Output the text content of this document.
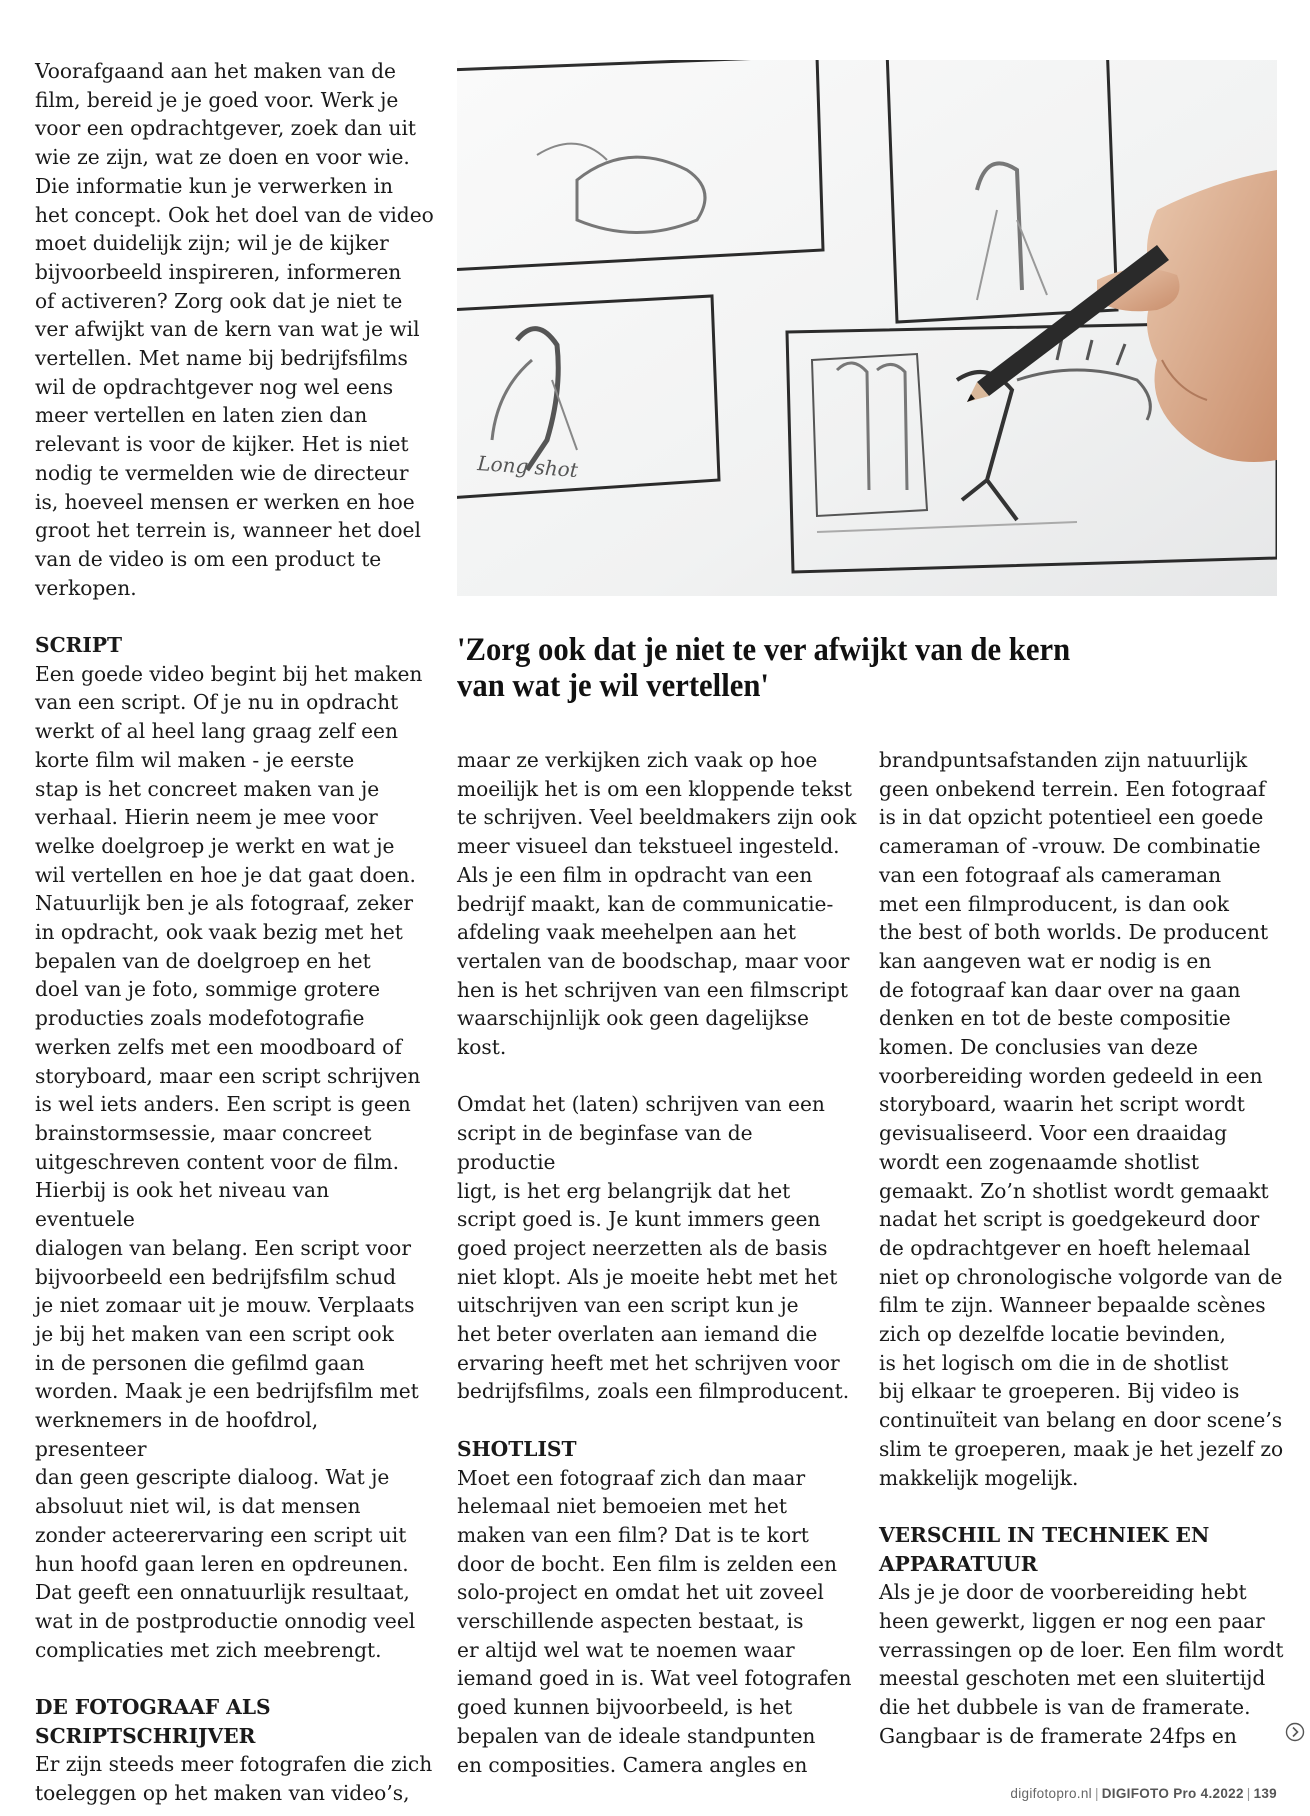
Voorafgaand aan het maken van de
film, bereid je je goed voor. Werk je
voor een opdrachtgever, zoek dan uit
wie ze zijn, wat ze doen en voor wie.
Die informatie kun je verwerken in
het concept. Ook het doel van de video
moet duidelijk zijn; wil je de kijker
bijvoorbeeld inspireren, informeren
of activeren? Zorg ook dat je niet te
ver afwijkt van de kern van wat je wil
vertellen. Met name bij bedrijfsfilms
wil de opdrachtgever nog wel eens
meer vertellen en laten zien dan
relevant is voor de kijker. Het is niet
nodig te vermelden wie de directeur
is, hoeveel mensen er werken en hoe
groot het terrein is, wanneer het doel
van de video is om een product te
verkopen.

SCRIPT

Een goede video begint bij het maken
van een script. Of je nu in opdracht
werkt of al heel lang graag zelf een
korte film wil maken - je eerste
stap is het concreet maken van je
verhaal. Hierin neem je mee voor
welke doelgroep je werkt en wat je
wil vertellen en hoe je dat gaat doen.
Natuurlijk ben je als fotograaf, zeker
in opdracht, ook vaak bezig met het
bepalen van de doelgroep en het
doel van je foto, sommige grotere
producties zoals modefotografie
werken zelfs met een moodboard of
storyboard, maar een script schrijven
is wel iets anders. Een script is geen
brainstormsessie, maar concreet
uitgeschreven content voor de film.
Hierbij is ook het niveau van eventuele
dialogen van belang. Een script voor
bijvoorbeeld een bedrijfsfilm schud
je niet zomaar uit je mouw. Verplaats
je bij het maken van een script ook
in de personen die gefilmd gaan
worden. Maak je een bedrijfsfilm met
werknemers in de hoofdrol, presenteer
dan geen gescripte dialoog. Wat je
absoluut niet wil, is dat mensen
zonder acteerervaring een script uit
hun hoofd gaan leren en opdreunen.
Dat geeft een onnatuurlijk resultaat,
wat in de postproductie onnodig veel
complicaties met zich meebrengt.

DE FOTOGRAAF ALS
SCRIPTSCHRIJVER

Er zijn steeds meer fotografen die zich
toeleggen op het maken van video’s,

Long shot
'Zorg ook dat je niet te ver afwijkt van de kern
van wat je wil vertellen'

maar ze verkijken zich vaak op hoe
moeilijk het is om een kloppende tekst
te schrijven. Veel beeldmakers zijn ook
meer visueel dan tekstueel ingesteld.
Als je een film in opdracht van een
bedrijf maakt, kan de communicatie-
afdeling vaak meehelpen aan het
vertalen van de boodschap, maar voor
hen is het schrijven van een filmscript
waarschijnlijk ook geen dagelijkse
kost.

Omdat het (laten) schrijven van een
script in de beginfase van de productie
ligt, is het erg belangrijk dat het
script goed is. Je kunt immers geen
goed project neerzetten als de basis
niet klopt. Als je moeite hebt met het
uitschrijven van een script kun je
het beter overlaten aan iemand die
ervaring heeft met het schrijven voor
bedrijfsfilms, zoals een filmproducent.

SHOTLIST

Moet een fotograaf zich dan maar
helemaal niet bemoeien met het
maken van een film? Dat is te kort
door de bocht. Een film is zelden een
solo-project en omdat het uit zoveel
verschillende aspecten bestaat, is
er altijd wel wat te noemen waar
iemand goed in is. Wat veel fotografen
goed kunnen bijvoorbeeld, is het
bepalen van de ideale standpunten
en composities. Camera angles en

brandpuntsafstanden zijn natuurlijk
geen onbekend terrein. Een fotograaf
is in dat opzicht potentieel een goede
cameraman of -vrouw. De combinatie
van een fotograaf als cameraman
met een filmproducent, is dan ook
the best of both worlds. De producent
kan aangeven wat er nodig is en
de fotograaf kan daar over na gaan
denken en tot de beste compositie
komen. De conclusies van deze
voorbereiding worden gedeeld in een
storyboard, waarin het script wordt
gevisualiseerd. Voor een draaidag
wordt een zogenaamde shotlist
gemaakt. Zo’n shotlist wordt gemaakt
nadat het script is goedgekeurd door
de opdrachtgever en hoeft helemaal
niet op chronologische volgorde van de
film te zijn. Wanneer bepaalde scènes
zich op dezelfde locatie bevinden,
is het logisch om die in de shotlist
bij elkaar te groeperen. Bij video is
continuïteit van belang en door scene’s
slim te groeperen, maak je het jezelf zo
makkelijk mogelijk.

VERSCHIL IN TECHNIEK EN
APPARATUUR

Als je je door de voorbereiding hebt
heen gewerkt, liggen er nog een paar
verrassingen op de loer. Een film wordt
meestal geschoten met een sluitertijd
die het dubbele is van de framerate.
Gangbaar is de framerate 24fps en

digifotopro.nl | DIGIFOTO Pro 4.2022 | 139
